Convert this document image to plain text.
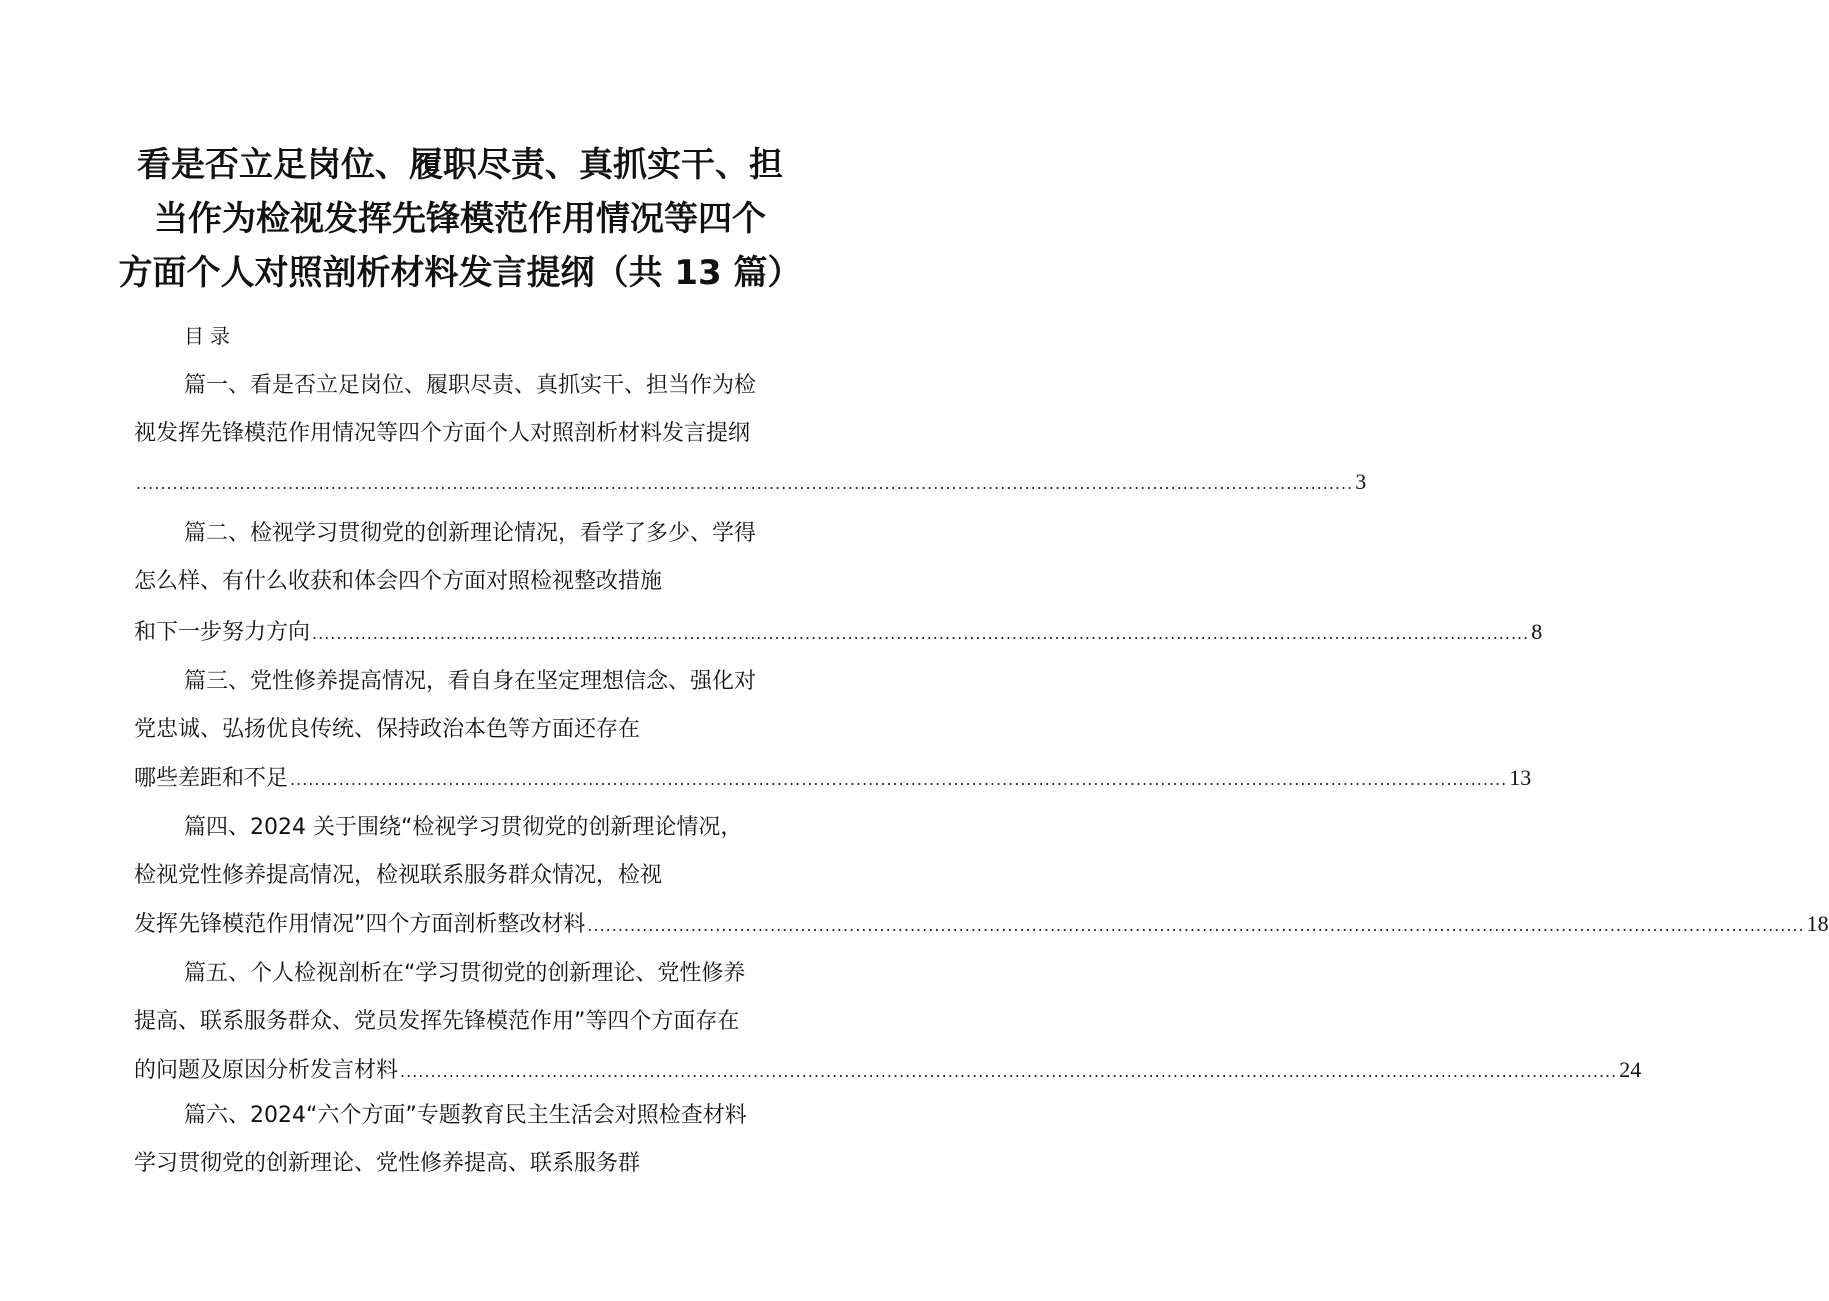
看是否立足岗位、履职尽责、真抓实干、担
当作为检视发挥先锋模范作用情况等四个
方面个人对照剖析材料发言提纲（共 13 篇）
目录
篇一、看是否立足岗位、履职尽责、真抓实干、担当作为检
视发挥先锋模范作用情况等四个方面个人对照剖析材料发言提纲
........................................................................................................................................................................................................ 3
篇二、检视学习贯彻党的创新理论情况，看学了多少、学得
怎么样、有什么收获和体会四个方面对照检视整改措施
和下一步努力方向 ........................................................................................................................................................................................................ 8
篇三、党性修养提高情况，看自身在坚定理想信念、强化对
党忠诚、弘扬优良传统、保持政治本色等方面还存在
哪些差距和不足 ........................................................................................................................................................................................................ 13
篇四、2024 关于围绕“检视学习贯彻党的创新理论情况，
检视党性修养提高情况，检视联系服务群众情况，检视
发挥先锋模范作用情况”四个方面剖析整改材料 ........................................................................................................................................................................................................ 18
篇五、个人检视剖析在“学习贯彻党的创新理论、党性修养
提高、联系服务群众、党员发挥先锋模范作用”等四个方面存在
的问题及原因分析发言材料 ........................................................................................................................................................................................................ 24
篇六、2024“六个方面”专题教育民主生活会对照检查材料
学习贯彻党的创新理论、党性修养提高、联系服务群
